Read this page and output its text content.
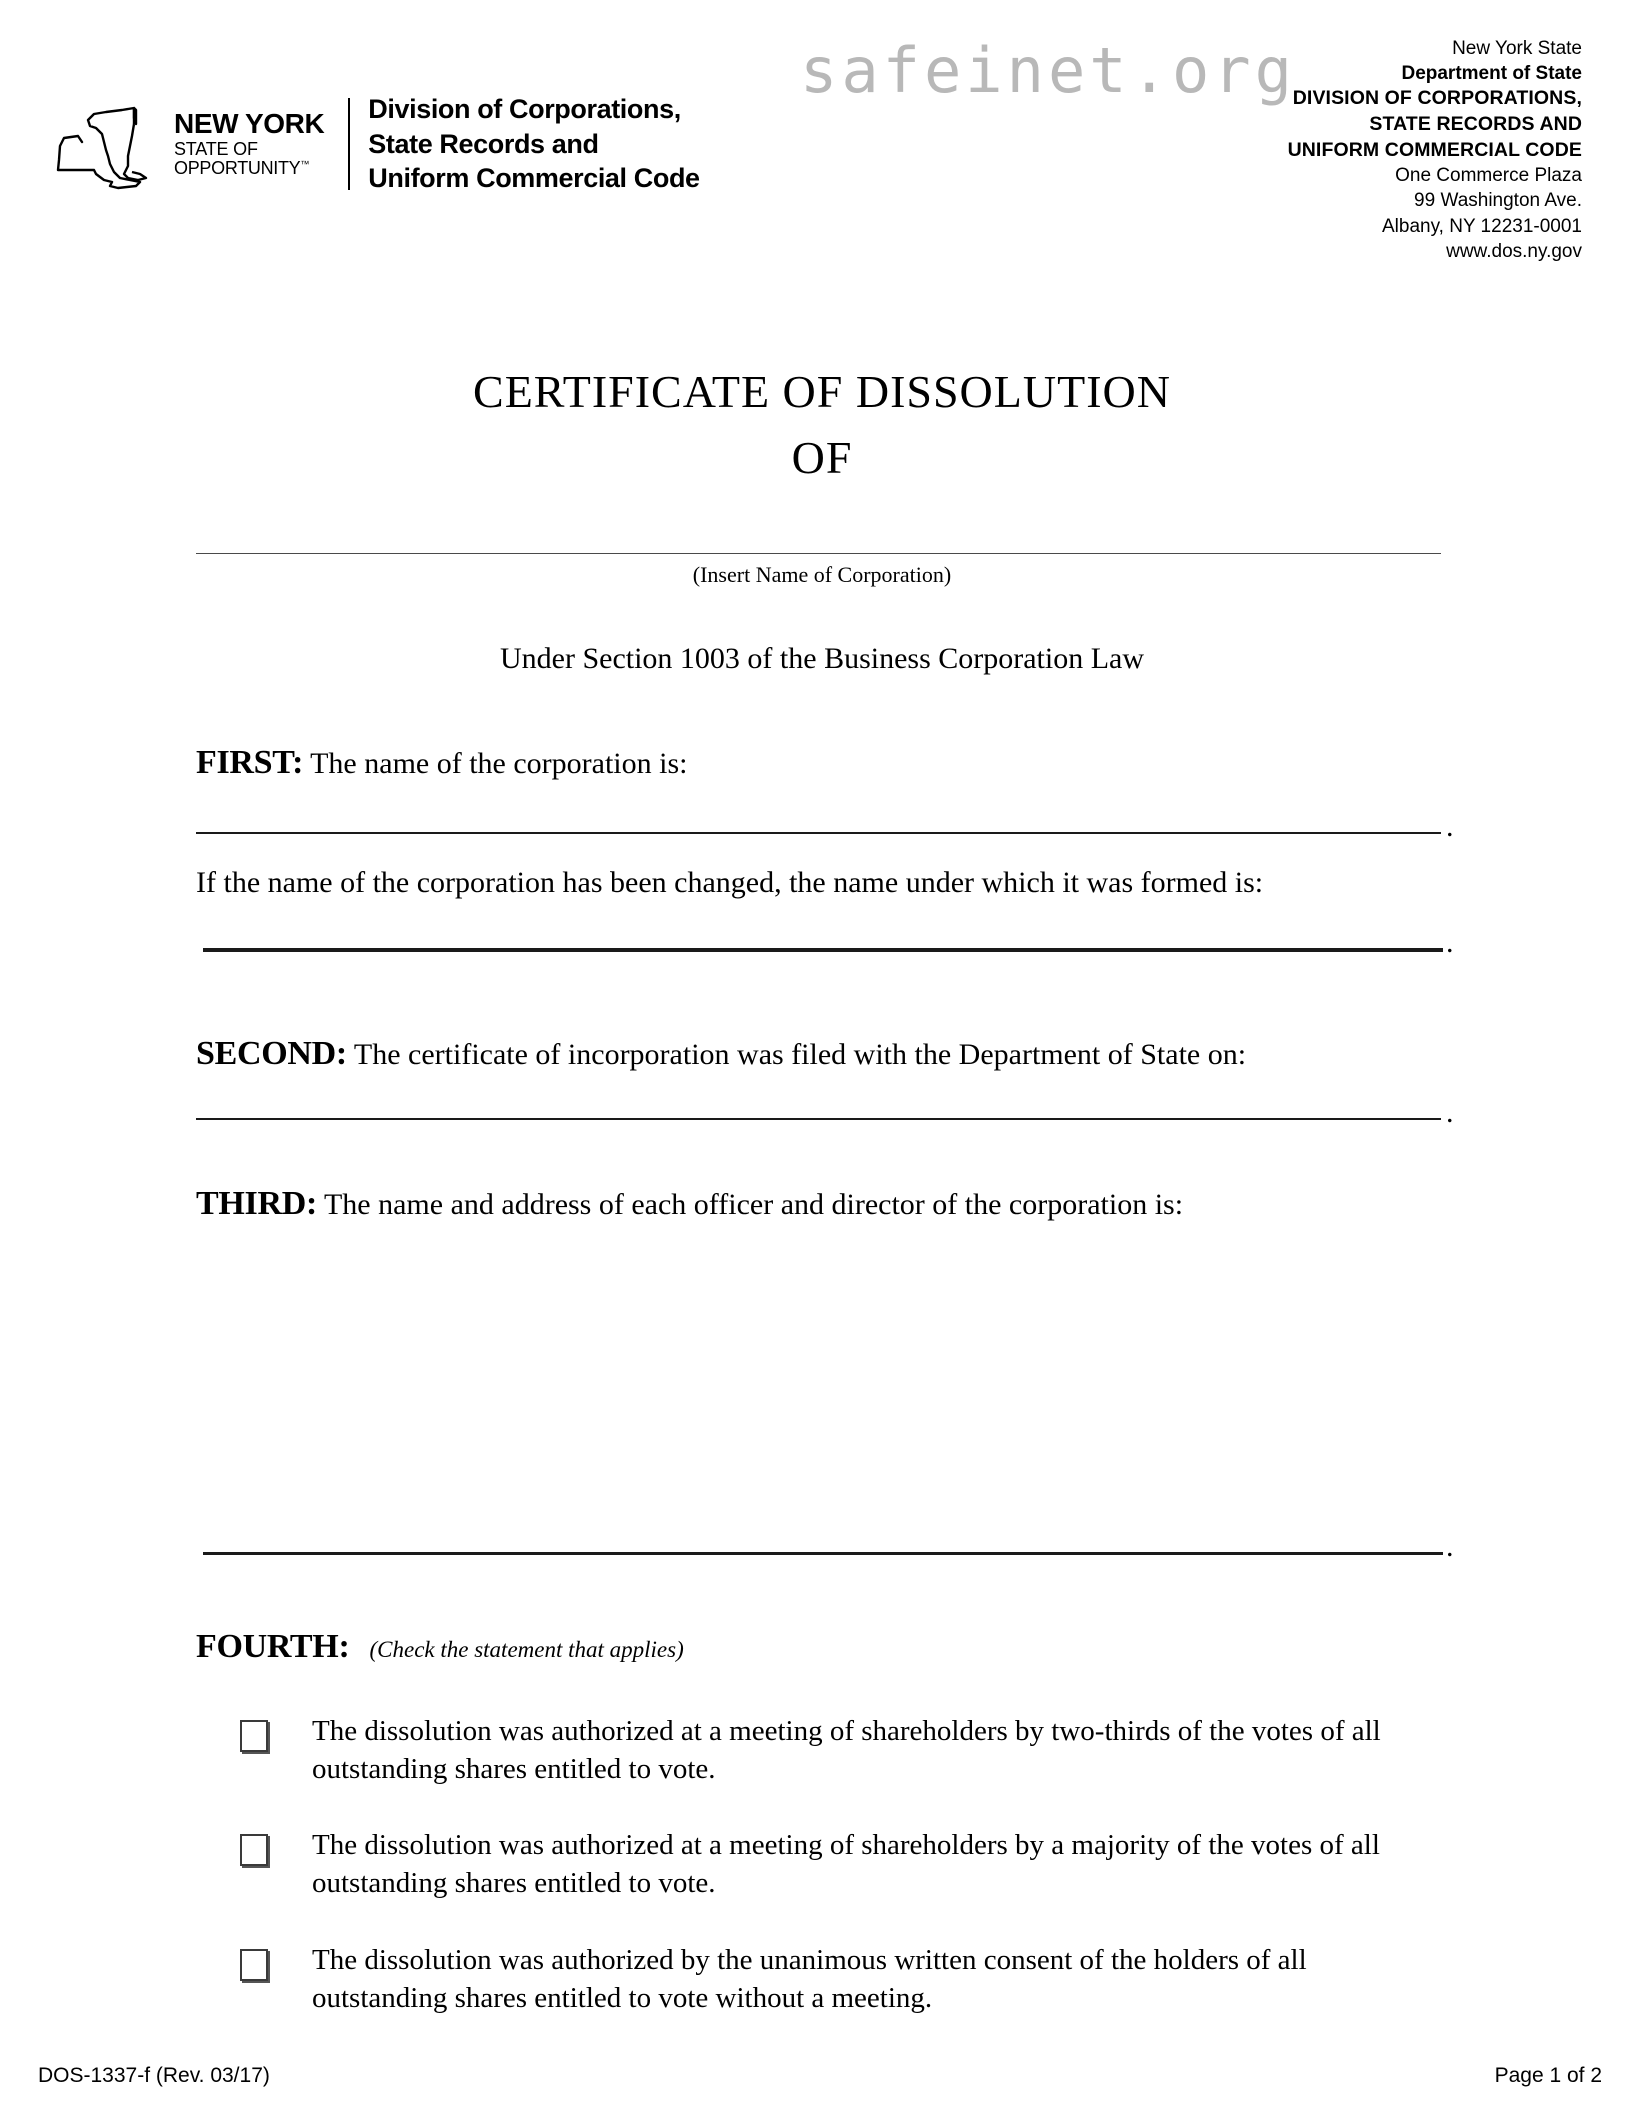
NEW YORK
STATE OF
OPPORTUNITY™
Division of Corporations,
State Records and
Uniform Commercial Code
safeinet.org	New York State
Department of State
DIVISION OF CORPORATIONS,
STATE RECORDS AND
UNIFORM COMMERCIAL CODE
One Commerce Plaza
99 Washington Ave.
Albany, NY 12231-0001
www.dos.ny.gov
CERTIFICATE OF DISSOLUTION
OF
(Insert Name of Corporation)
Under Section 1003 of the Business Corporation Law
FIRST: The name of the corporation is:
.
If the name of the corporation has been changed, the name under which it was formed is:
.
SECOND: The certificate of incorporation was filed with the Department of State on:
.
THIRD: The name and address of each officer and director of the corporation is:
.
FOURTH: (Check the statement that applies)
The dissolution was authorized at a meeting of shareholders by two-thirds of the votes of all outstanding shares entitled to vote.
The dissolution was authorized at a meeting of shareholders by a majority of the votes of all outstanding shares entitled to vote.
The dissolution was authorized by the unanimous written consent of the holders of all outstanding shares entitled to vote without a meeting.
DOS-1337-f (Rev. 03/17)	Page 1 of 2
